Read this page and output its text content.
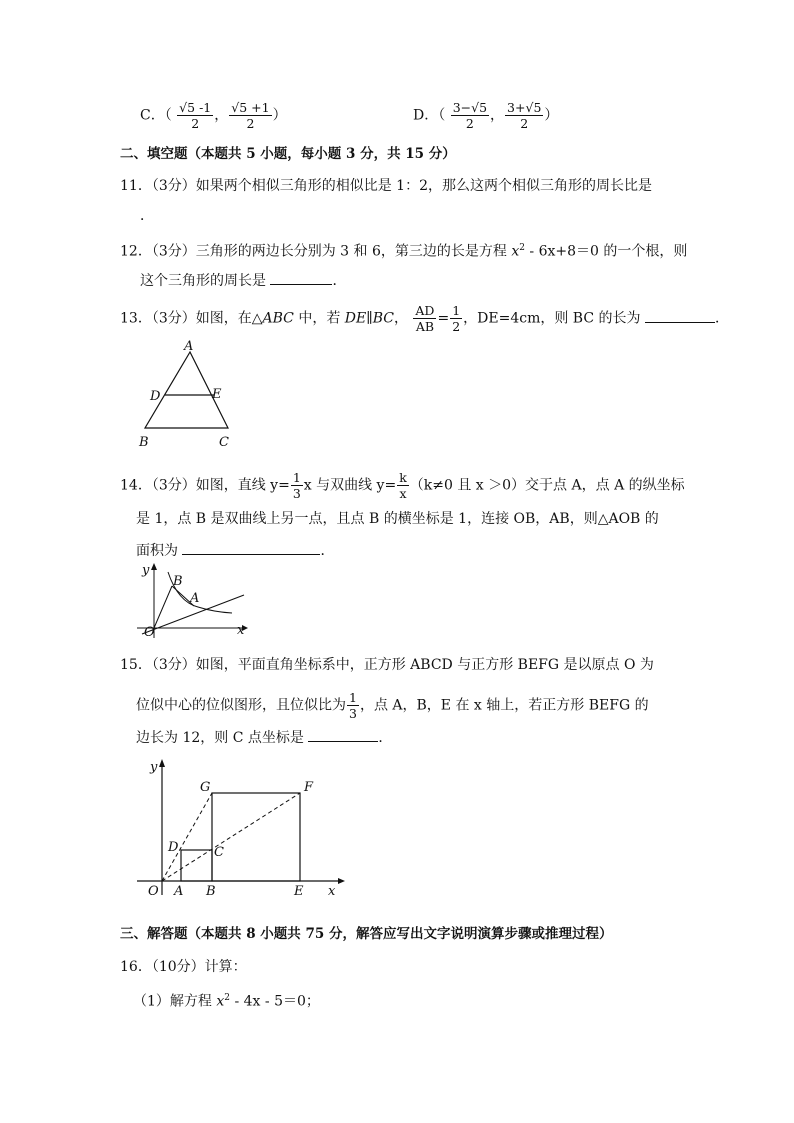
C．（ $\frac{√5 -1}{2}$ ， $\frac{√5 +1}{2}$ ）	D．（ $\frac{3-√5}{2}$ ， $\frac{3+√5}{2}$ ）
二、填空题（本题共 5 小题，每小题 3 分，共 15 分）
11．（3分）如果两个相似三角形的相似比是 1：2，那么这两个相似三角形的周长比是
．
12．（3分）三角形的两边长分别为 3 和 6，第三边的长是方程 $x^2 - 6x+8=0$ 的一个根，则
这个三角形的周长是	．
13．（3分）如图，在△ABC 中，若 DE∥BC， $\frac{AD}{AB} = \frac{1}{2}$ ，DE=4cm，则 BC 的长为	．
A
D	E
B	C
14．（3分）如图，直线 $y= \frac{1}{3}$ x 与双曲线 $y= \frac{k}{x} (k\ne 0$ 且 x ＞0）交于点 A，点 A 的纵坐标
是 1，点 B 是双曲线上另一点，且点 B 的横坐标是 1，连接 OB，AB，则△AOB 的
面积为	．
y
B
A
O	x
15．（3分）如图，平面直角坐标系中，正方形 ABCD 与正方形 BEFG 是以原点 O 为
位似中心的位似图形，且位似比为 $\frac{1}{3}$ ，点 A，B，E 在 x 轴上，若正方形 BEFG 的
边长为 12，则 C 点坐标是	．
y
G	F
D	C
O A B	E x
三、解答题（本题共 8 小题共 75 分，解答应写出文字说明演算步骤或推理过程）
16．（10分）计算：
（1）解方程 $x^2 - 4x - 5=0$；
